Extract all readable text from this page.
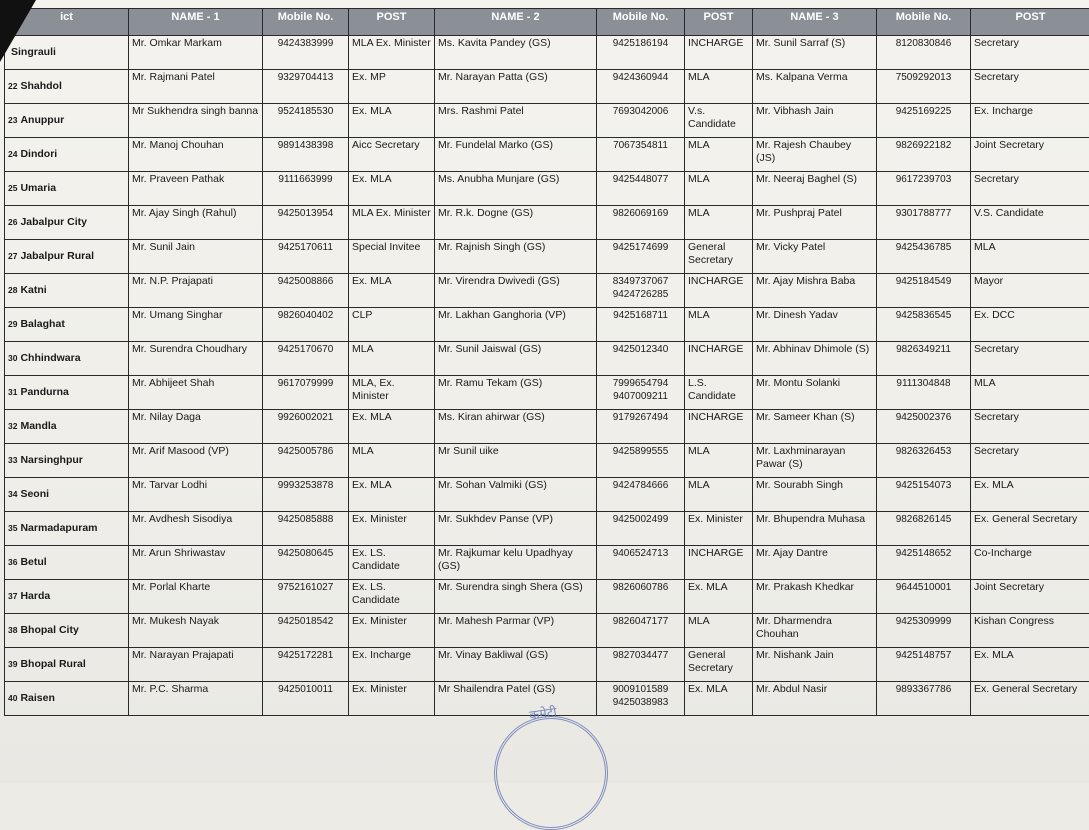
ict	NAME - 1	Mobile No.	POST	NAME - 2	Mobile No.	POST	NAME - 3	Mobile No.	POST
Singrauli	Mr. Omkar Markam	9424383999	MLA Ex. Minister	Ms. Kavita Pandey (GS)	9425186194	INCHARGE	Mr. Sunil Sarraf (S)	8120830846	Secretary
22 Shahdol	Mr. Rajmani Patel	9329704413	Ex. MP	Mr. Narayan Patta (GS)	9424360944	MLA	Ms. Kalpana Verma	7509292013	Secretary
23 Anuppur	Mr Sukhendra singh banna	9524185530	Ex. MLA	Mrs. Rashmi Patel	7693042006	V.s. Candidate	Mr. Vibhash Jain	9425169225	Ex. Incharge
24 Dindori	Mr. Manoj Chouhan	9891438398	Aicc Secretary	Mr. Fundelal Marko (GS)	7067354811	MLA	Mr. Rajesh Chaubey (JS)	9826922182	Joint Secretary
25 Umaria	Mr. Praveen Pathak	9111663999	Ex. MLA	Ms. Anubha Munjare (GS)	9425448077	MLA	Mr. Neeraj Baghel (S)	9617239703	Secretary
26 Jabalpur City	Mr. Ajay Singh (Rahul)	9425013954	MLA Ex. Minister	Mr. R.k. Dogne (GS)	9826069169	MLA	Mr. Pushpraj Patel	9301788777	V.S. Candidate
27 Jabalpur Rural	Mr. Sunil Jain	9425170611	Special Invitee	Mr. Rajnish Singh (GS)	9425174699	General Secretary	Mr. Vicky Patel	9425436785	MLA
28 Katni	Mr. N.P. Prajapati	9425008866	Ex. MLA	Mr. Virendra Dwivedi (GS)	8349737067 9424726285	INCHARGE	Mr. Ajay Mishra Baba	9425184549	Mayor
29 Balaghat	Mr. Umang Singhar	9826040402	CLP	Mr. Lakhan Ganghoria (VP)	9425168711	MLA	Mr. Dinesh Yadav	9425836545	Ex. DCC
30 Chhindwara	Mr. Surendra Choudhary	9425170670	MLA	Mr. Sunil Jaiswal (GS)	9425012340	INCHARGE	Mr. Abhinav Dhimole (S)	9826349211	Secretary
31 Pandurna	Mr. Abhijeet Shah	9617079999	MLA, Ex. Minister	Mr. Ramu Tekam (GS)	7999654794 9407009211	L.S. Candidate	Mr. Montu Solanki	9111304848	MLA
32 Mandla	Mr. Nilay Daga	9926002021	Ex. MLA	Ms. Kiran ahirwar (GS)	9179267494	INCHARGE	Mr. Sameer Khan (S)	9425002376	Secretary
33 Narsinghpur	Mr. Arif Masood (VP)	9425005786	MLA	Mr Sunil uike	9425899555	MLA	Mr. Laxhminarayan Pawar (S)	9826326453	Secretary
34 Seoni	Mr. Tarvar Lodhi	9993253878	Ex. MLA	Mr. Sohan Valmiki (GS)	9424784666	MLA	Mr. Sourabh Singh	9425154073	Ex. MLA
35 Narmadapuram	Mr. Avdhesh Sisodiya	9425085888	Ex. Minister	Mr. Sukhdev Panse (VP)	9425002499	Ex. Minister	Mr. Bhupendra Muhasa	9826826145	Ex. General Secretary
36 Betul	Mr. Arun Shriwastav	9425080645	Ex. LS. Candidate	Mr. Rajkumar kelu Upadhyay (GS)	9406524713	INCHARGE	Mr. Ajay Dantre	9425148652	Co-Incharge
37 Harda	Mr. Porlal Kharte	9752161027	Ex. LS. Candidate	Mr. Surendra singh Shera (GS)	9826060786	Ex. MLA	Mr. Prakash Khedkar	9644510001	Joint Secretary
38 Bhopal City	Mr. Mukesh Nayak	9425018542	Ex. Minister	Mr. Mahesh Parmar (VP)	9826047177	MLA	Mr. Dharmendra Chouhan	9425309999	Kishan Congress
39 Bhopal Rural	Mr. Narayan Prajapati	9425172281	Ex. Incharge	Mr. Vinay Bakliwal (GS)	9827034477	General Secretary	Mr. Nishank Jain	9425148757	Ex. MLA
40 Raisen	Mr. P.C. Sharma	9425010011	Ex. Minister	Mr Shailendra Patel (GS)	9009101589 9425038983	Ex. MLA	Mr. Abdul Nasir	9893367786	Ex. General Secretary
कमेटी
